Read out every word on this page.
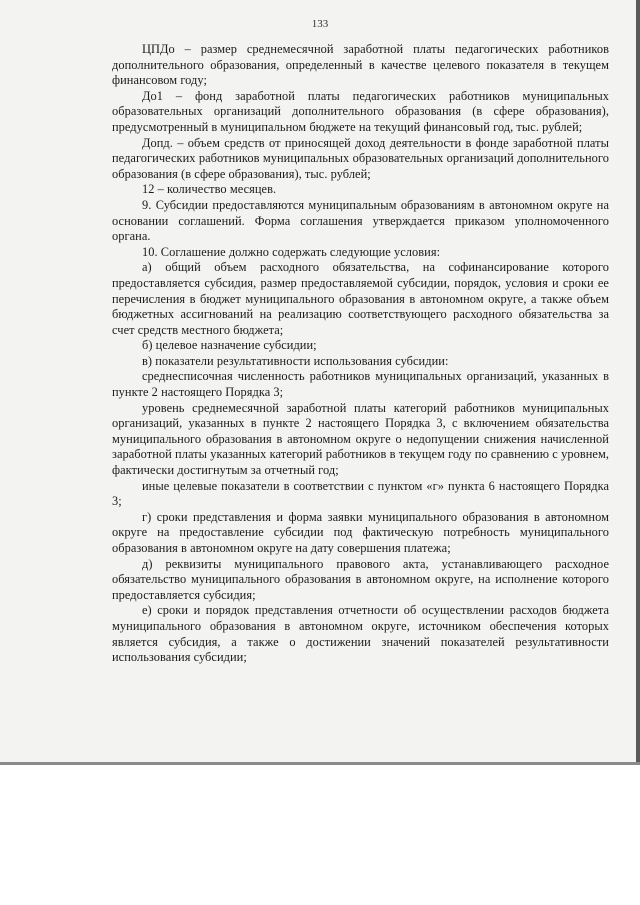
133

ЦПДо – размер среднемесячной заработной платы педагогических работников дополнительного образования, определенный в качестве целевого показателя в текущем финансовом году;

До1 – фонд заработной платы педагогических работников муниципальных образовательных организаций дополнительного образования (в сфере образования), предусмотренный в муниципальном бюджете на текущий финансовый год, тыс. рублей;

Допд. – объем средств от приносящей доход деятельности в фонде заработной платы педагогических работников муниципальных образовательных организаций дополнительного образования (в сфере образования), тыс. рублей;

12 – количество месяцев.

9. Субсидии предоставляются муниципальным образованиям в автономном округе на основании соглашений. Форма соглашения утверждается приказом уполномоченного органа.

10. Соглашение должно содержать следующие условия:

а) общий объем расходного обязательства, на софинансирование которого предоставляется субсидия, размер предоставляемой субсидии, порядок, условия и сроки ее перечисления в бюджет муниципального образования в автономном округе, а также объем бюджетных ассигнований на реализацию соответствующего расходного обязательства за счет средств местного бюджета;

б) целевое назначение субсидии;

в) показатели результативности использования субсидии:

среднесписочная численность работников муниципальных организаций, указанных в пункте 2 настоящего Порядка 3;

уровень среднемесячной заработной платы категорий работников муниципальных организаций, указанных в пункте 2 настоящего Порядка 3, с включением обязательства муниципального образования в автономном округе о недопущении снижения начисленной заработной платы указанных категорий работников в текущем году по сравнению с уровнем, фактически достигнутым за отчетный год;

иные целевые показатели в соответствии с пунктом «г» пункта 6 настоящего Порядка 3;

г) сроки представления и форма заявки муниципального образования в автономном округе на предоставление субсидии под фактическую потребность муниципального образования в автономном округе на дату совершения платежа;

д) реквизиты муниципального правового акта, устанавливающего расходное обязательство муниципального образования в автономном округе, на исполнение которого предоставляется субсидия;

е) сроки и порядок представления отчетности об осуществлении расходов бюджета муниципального образования в автономном округе, источником обеспечения которых является субсидия, а также о достижении значений показателей результативности использования субсидии;
